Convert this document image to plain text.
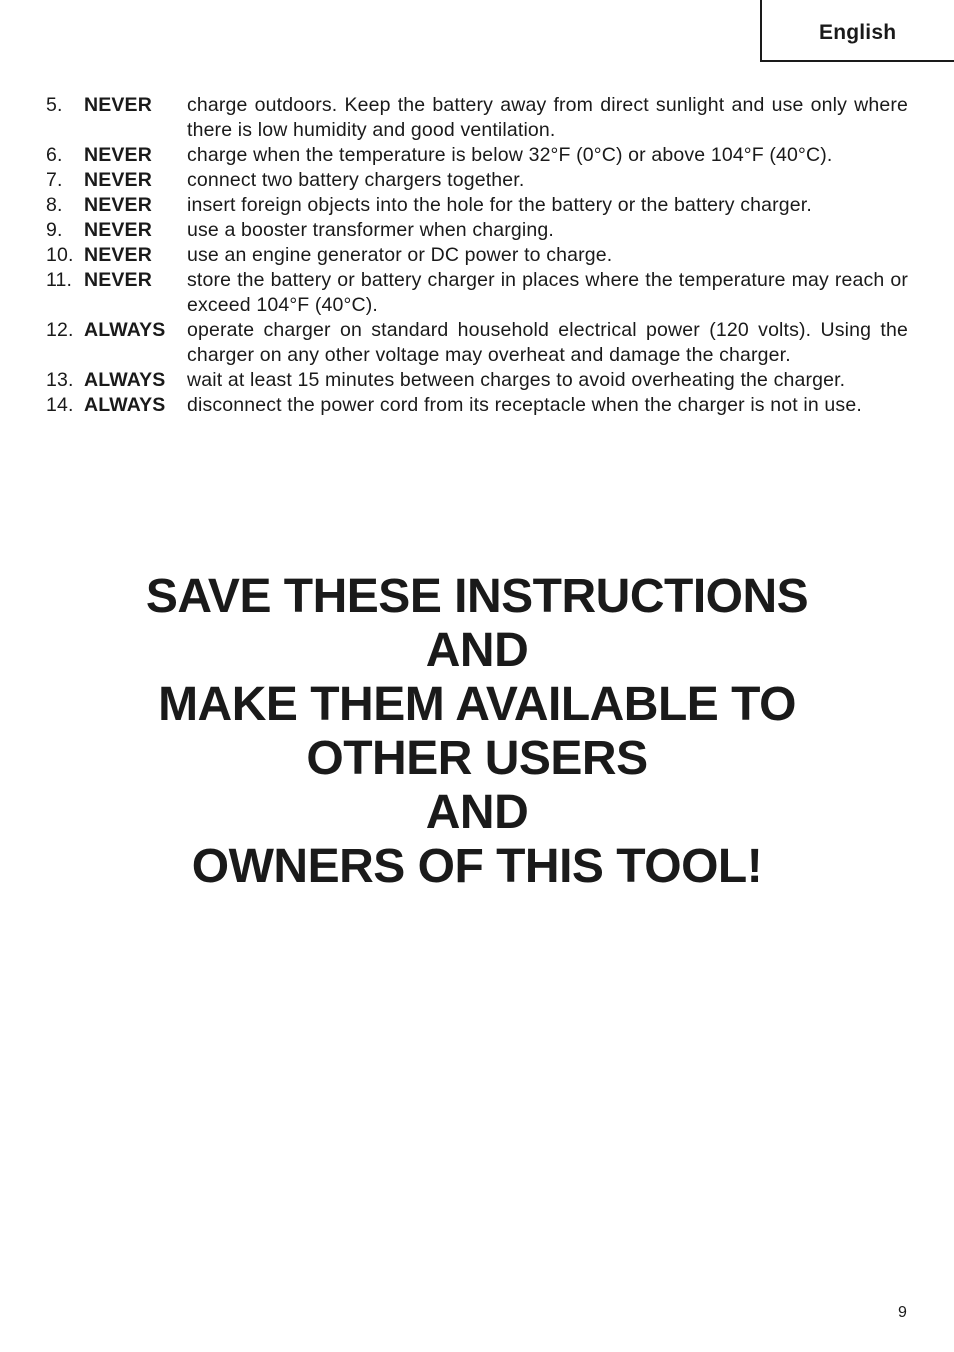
English
5. NEVER charge outdoors. Keep the battery away from direct sunlight and use only where there is low humidity and good ventilation.
6. NEVER charge when the temperature is below 32°F (0°C) or above 104°F (40°C).
7. NEVER connect two battery chargers together.
8. NEVER insert foreign objects into the hole for the battery or the battery charger.
9. NEVER use a booster transformer when charging.
10. NEVER use an engine generator or DC power to charge.
11. NEVER store the battery or battery charger in places where the temperature may reach or exceed 104°F (40°C).
12. ALWAYS operate charger on standard household electrical power (120 volts). Using the charger on any other voltage may overheat and damage the charger.
13. ALWAYS wait at least 15 minutes between charges to avoid overheating the charger.
14. ALWAYS disconnect the power cord from its receptacle when the charger is not in use.
SAVE THESE INSTRUCTIONS
AND
MAKE THEM AVAILABLE TO
OTHER USERS
AND
OWNERS OF THIS TOOL!
9
